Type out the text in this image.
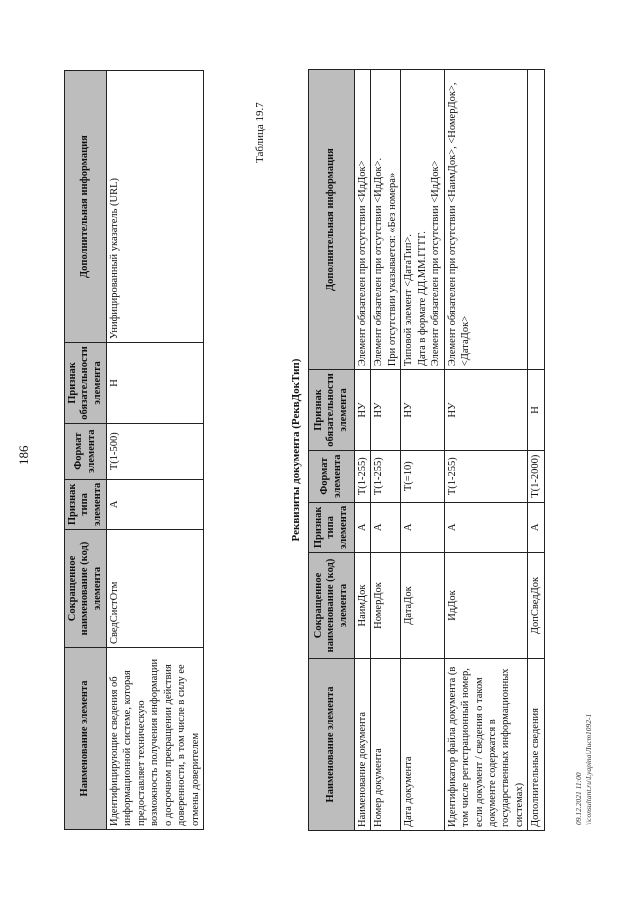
186
Наименование элемента	Сокращенное наименование (код) элемента	Признак типа элемента	Формат элемента	Признак обязательности элемента	Дополнительная информация
Идентифицирующие сведения об информационной системе, которая предоставляет техническую возможность получения информации о досрочном прекращении действия доверенности, в том числе в силу ее отмены доверителем	СведСистОтм	А	T(1-500)	Н	Унифицированный указатель (URL)
Таблица 19.7
Реквизиты документа (РеквДокТип)
Наименование элемента	Сокращенное наименование (код) элемента	Признак типа элемента	Формат элемента	Признак обязательности элемента	Дополнительная информация
Наименование документа	НаимДок	А	T(1-255)	НУ	Элемент обязателен при отсутствии <ИдДок>
Номер документа	НомерДок	А	T(1-255)	НУ	Элемент обязателен при отсутствии <ИдДок>.
При отсутствии указывается: «Без номера»
Дата документа	ДатаДок	А	T(=10)	НУ	Типовой элемент <ДатаТип>.
Дата в формате ДД.ММ.ГГГГ.
Элемент обязателен при отсутствии <ИдДок>
Идентификатор файла документа (в том числе регистрационный номер, если документ / сведения о таком документе содержатся в государственных информационных системах)	ИдДок	А	T(1-255)	НУ	Элемент обязателен при отсутствии <НаимДок>, <НомерДок>, <ДатаДок>
Дополнительные сведения	ДопСведДок	А	T(1-2000)	Н	
09.12.2021 11:00 \\consultant.ru\Lyapina\Лист1092-1
